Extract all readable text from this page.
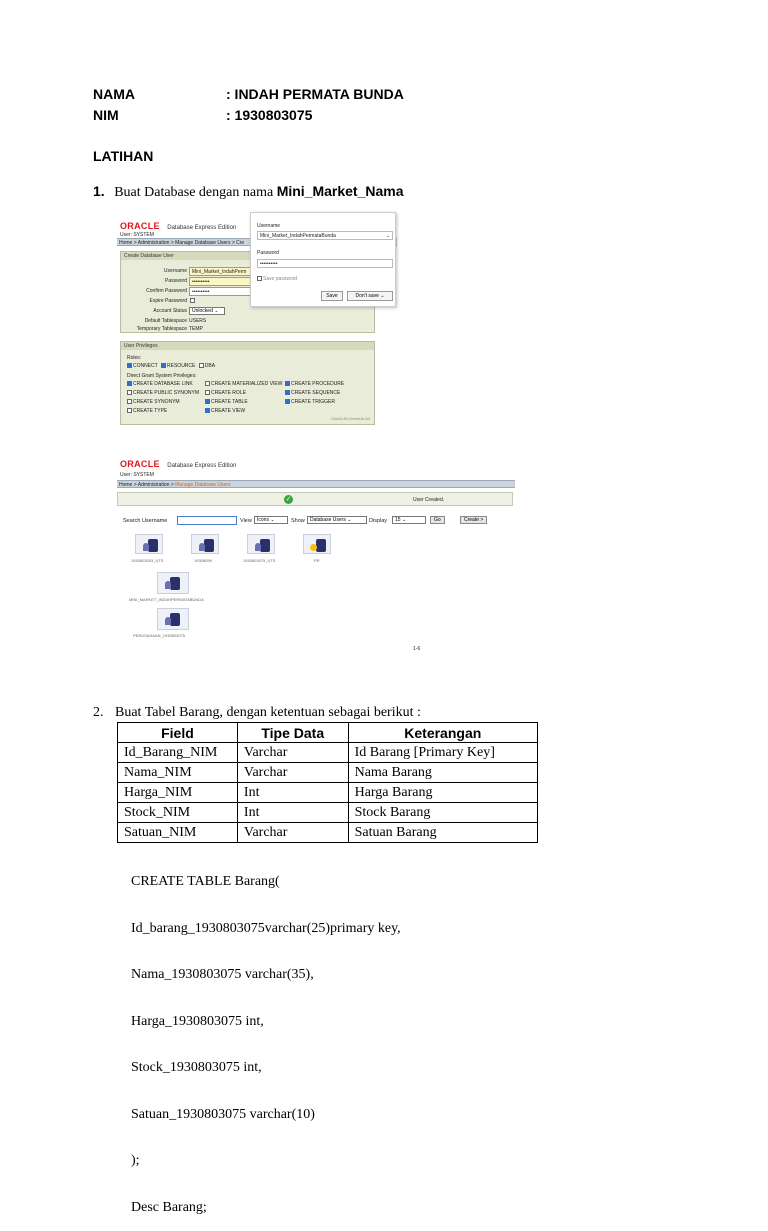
NAMA	: INDAH PERMATA BUNDA
NIM	: 1930803075
LATIHAN
1. Buat Database dengan nama Mini_Market_Nama
ORACLE Database Express Edition
User: SYSTEM
Home > Administration > Manage Database Users > Cre
Create Database User
Username	Mini_Market_IndahPerm
Password	••••••••••
Confirm Password	••••••••••
Expire Password
Account Status	Unlocked ⌄
Default Tablespace USERS
Temporary Tablespace TEMP
Username
Mini_Market_IndahPermataBunda	⌄
Password
••••••••••
Save password
Save	Don't save ⌄
User Privileges
Roles:
CONNECT RESOURCE DBA
Direct Grant System Privileges:
CREATE DATABASE LINK	CREATE MATERIALIZED VIEW	CREATE PROCEDURE
CREATE PUBLIC SYNONYM	CREATE ROLE	CREATE SEQUENCE
CREATE SYNONYM	CREATE TABLE	CREATE TRIGGER
CREATE TYPE	CREATE VIEW
Check All Uncheck All
ORACLE Database Express Edition
User: SYSTEM
Home > Administration > Manage Database Users
✓	User Created.
Search Username	View	Icons ⌄	Show	Database Users ⌄	Display	15 ⌄	Go	Create >
1930803053_UTS	19308099	1930803075_UTS	PR
MINI_MARKET_INDAHPERMATABUNDA
PERUSAHAAN_1930803075
1-6
2. Buat Tabel Barang, dengan ketentuan sebagai berikut :
Field	Tipe Data	Keterangan
Id_Barang_NIM	Varchar	Id Barang [Primary Key]
Nama_NIM	Varchar	Nama Barang
Harga_NIM	Int	Harga Barang
Stock_NIM	Int	Stock Barang
Satuan_NIM	Varchar	Satuan Barang

CREATE TABLE Barang(

Id_barang_1930803075varchar(25)primary key,

Nama_1930803075 varchar(35),

Harga_1930803075 int,

Stock_1930803075 int,

Satuan_1930803075 varchar(10)

);

Desc Barang;
